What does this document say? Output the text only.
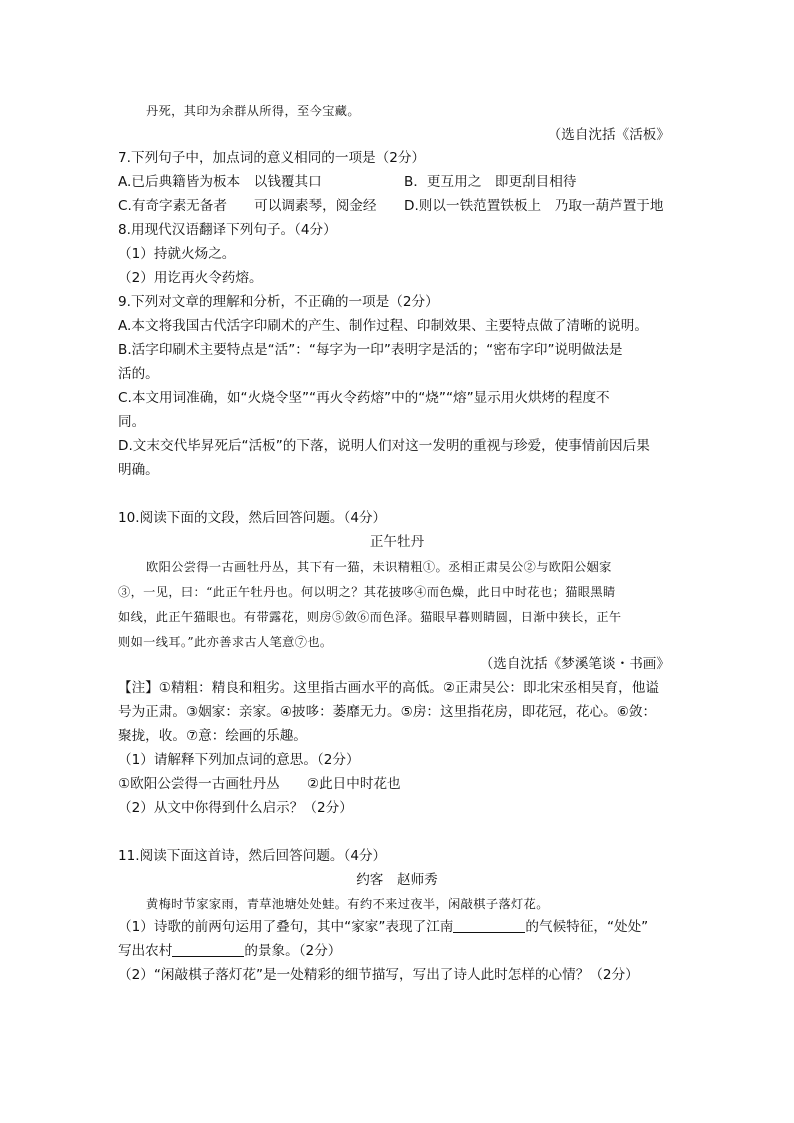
丹死，其印为余群从所得，至今宝藏。
（选自沈括《活板》
7.下列句子中，加点词的意义相同的一项是（2分）
A.已后典籍皆为板本　以钱覆其口	B．更互用之　即更刮目相待
C.有奇字素无备者　　可以调素琴，阅金经 D.则以一铁范置铁板上　乃取一葫芦置于地
8.用现代汉语翻译下列句子。（4分）
（1）持就火炀之。
（2）用讫再火令药熔。
9.下列对文章的理解和分析，不正确的一项是（2分）
A.本文将我国古代活字印刷术的产生、制作过程、印制效果、主要特点做了清晰的说明。
B.活字印刷术主要特点是“活”：“每字为一印”表明字是活的；“密布字印”说明做法是
活的。
C.本文用词准确，如“火烧令坚”“再火令药熔”中的“烧”“熔”显示用火烘烤的程度不
同。
D.文末交代毕昇死后“活板”的下落，说明人们对这一发明的重视与珍爱，使事情前因后果
明确。
10.阅读下面的文段，然后回答问题。（4分）
正午牡丹
欧阳公尝得一古画牡丹丛，其下有一猫，未识精粗①。丞相正肃吴公②与欧阳公姻家
③，一见，曰：“此正午牡丹也。何以明之？其花披哆④而色燥，此日中时花也；猫眼黑睛
如线，此正午猫眼也。有带露花，则房⑤敛⑥而色泽。猫眼早暮则睛圆，日渐中狭长，正午
则如一线耳。”此亦善求古人笔意⑦也。
（选自沈括《梦溪笔谈・书画》
【注】①精粗：精良和粗劣。这里指古画水平的高低。②正肃吴公：即北宋丞相吴育，他谥
号为正肃。③姻家：亲家。④披哆：萎靡无力。⑤房：这里指花房，即花冠，花心。⑥敛：
聚拢，收。⑦意：绘画的乐趣。
（1）请解释下列加点词的意思。（2分）
①欧阳公尝得一古画牡丹丛　　②此日中时花也
（2）从文中你得到什么启示？（2分）
11.阅读下面这首诗，然后回答问题。（4分）
约客　赵师秀
黄梅时节家家雨，青草池塘处处蛙。有约不来过夜半，闲敲棋子落灯花。
（1）诗歌的前两句运用了叠句，其中“家家”表现了江南	的气候特征，“处处”
写出农村	的景象。（2分）
（2）“闲敲棋子落灯花”是一处精彩的细节描写，写出了诗人此时怎样的心情？（2分）
